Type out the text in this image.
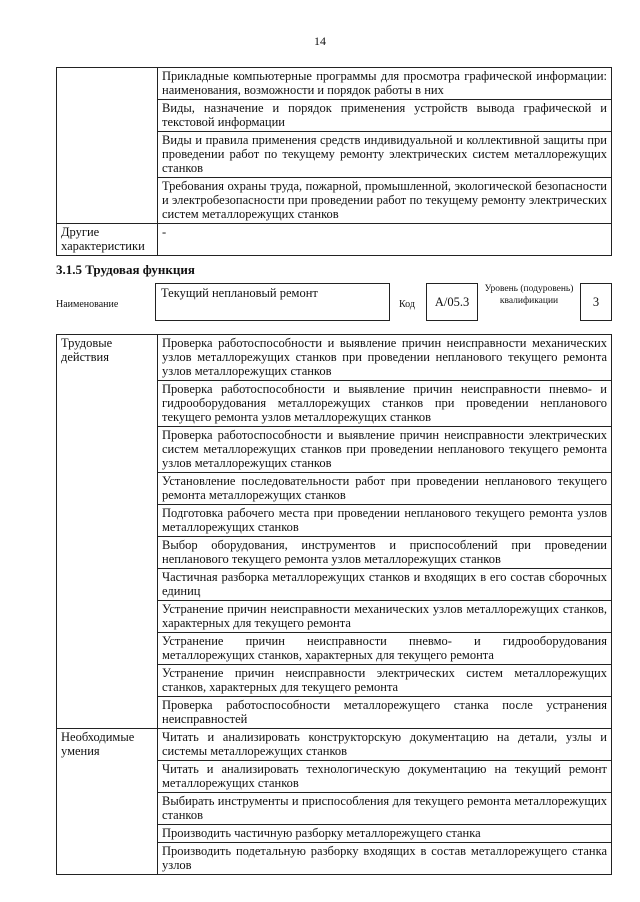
14
	Прикладные компьютерные программы для просмотра графической информации: наименования, возможности и порядок работы в них
	Виды, назначение и порядок применения устройств вывода графической и текстовой информации
	Виды и правила применения средств индивидуальной и коллективной защиты при проведении работ по текущему ремонту электрических систем металлорежущих станков
	Требования охраны труда, пожарной, промышленной, экологической безопасности и электробезопасности при проведении работ по текущему ремонту электрических систем металлорежущих станков
Другие характеристики	-
3.1.5 Трудовая функция
Наименование
Текущий неплановый ремонт
Код	A/05.3
Уровень (подуровень) квалификации	3
Трудовые действия	Проверка работоспособности и выявление причин неисправности механических узлов металлорежущих станков при проведении непланового текущего ремонта узлов металлорежущих станков
	Проверка работоспособности и выявление причин неисправности пневмо- и гидрооборудования металлорежущих станков при проведении непланового текущего ремонта узлов металлорежущих станков
	Проверка работоспособности и выявление причин неисправности электрических систем металлорежущих станков при проведении непланового текущего ремонта узлов металлорежущих станков
	Установление последовательности работ при проведении непланового текущего ремонта металлорежущих станков
	Подготовка рабочего места при проведении непланового текущего ремонта узлов металлорежущих станков
	Выбор оборудования, инструментов и приспособлений при проведении непланового текущего ремонта узлов металлорежущих станков
	Частичная разборка металлорежущих станков и входящих в его состав сборочных единиц
	Устранение причин неисправности механических узлов металлорежущих станков, характерных для текущего ремонта
	Устранение причин неисправности пневмо- и гидрооборудования металлорежущих станков, характерных для текущего ремонта
	Устранение причин неисправности электрических систем металлорежущих станков, характерных для текущего ремонта
	Проверка работоспособности металлорежущего станка после устранения неисправностей
Необходимые умения	Читать и анализировать конструкторскую документацию на детали, узлы и системы металлорежущих станков
	Читать и анализировать технологическую документацию на текущий ремонт металлорежущих станков
	Выбирать инструменты и приспособления для текущего ремонта металлорежущих станков
	Производить частичную разборку металлорежущего станка
	Производить подетальную разборку входящих в состав металлорежущего станка узлов
